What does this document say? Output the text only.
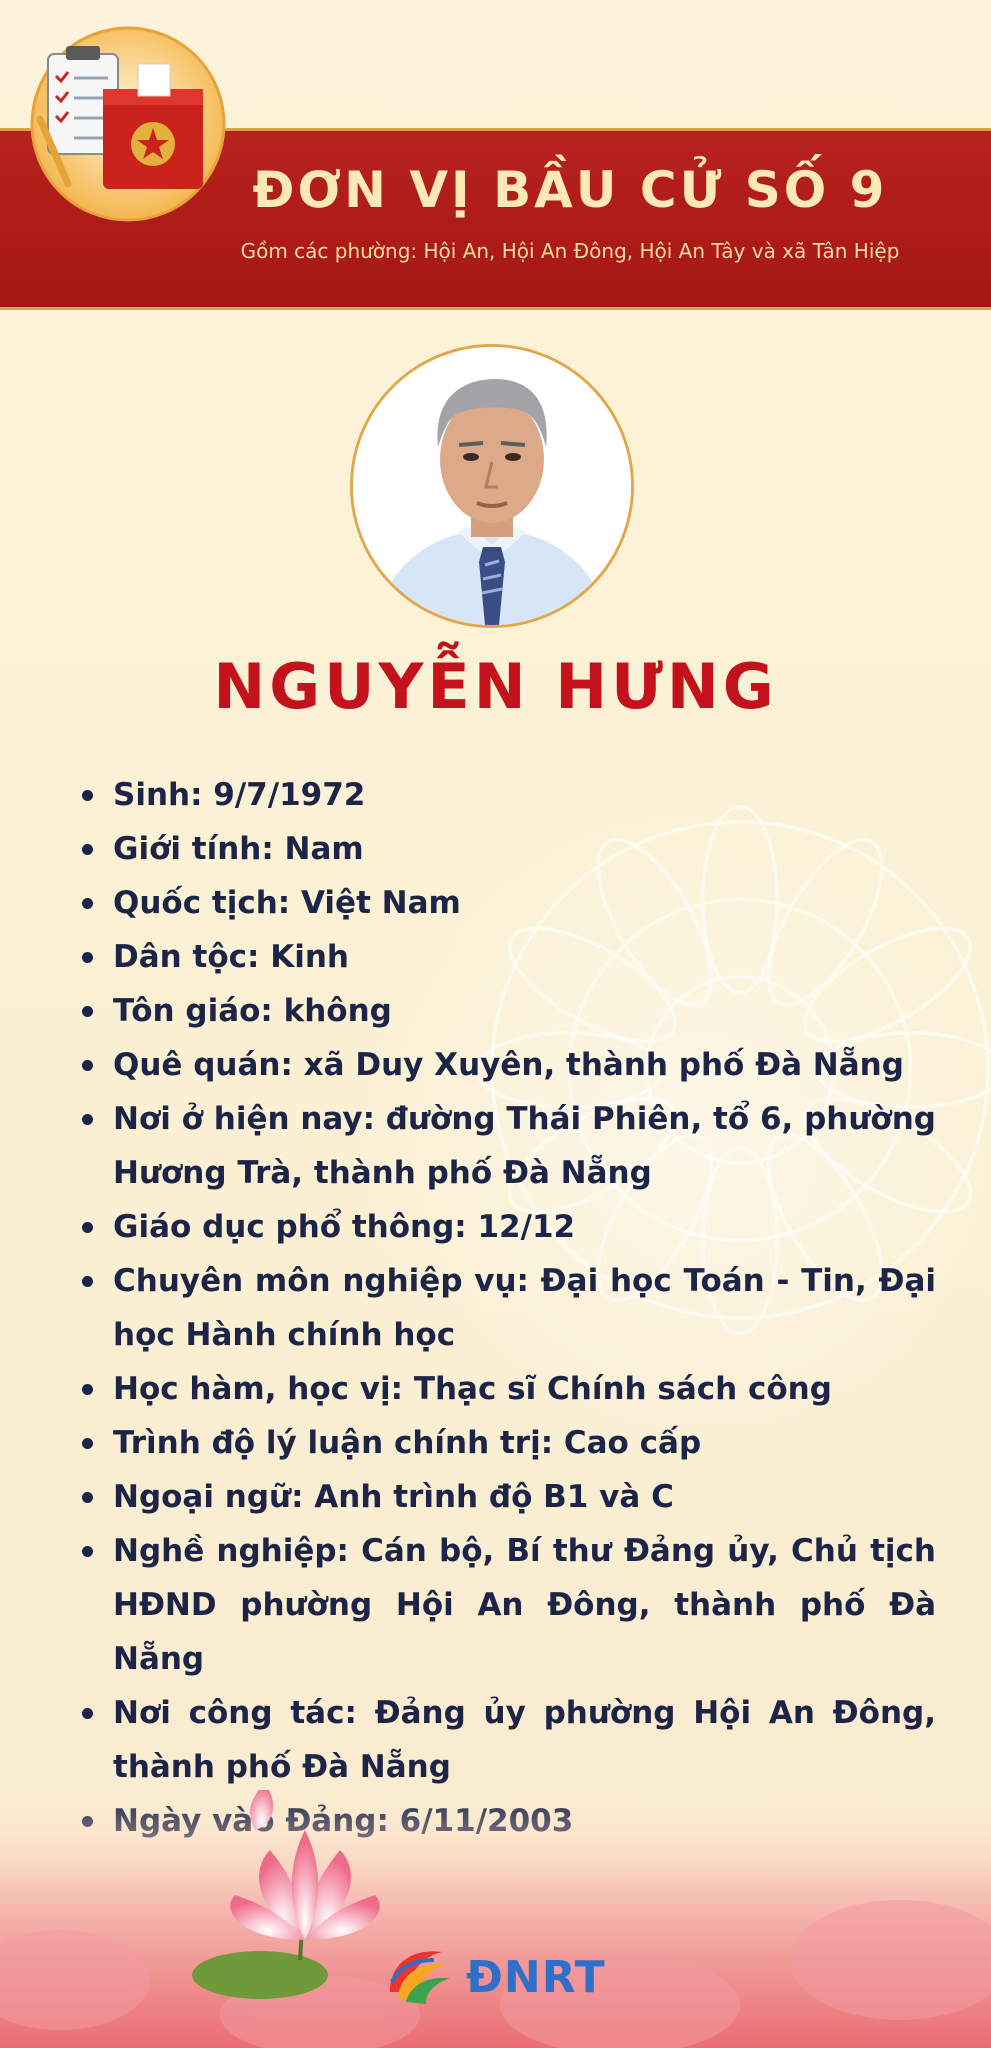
ĐƠN VỊ BẦU CỬ SỐ 9
Gồm các phường: Hội An, Hội An Đông, Hội An Tây và xã Tân Hiệp
NGUYỄN HƯNG
Sinh: 9/7/1972
Giới tính: Nam
Quốc tịch: Việt Nam
Dân tộc: Kinh
Tôn giáo: không
Quê quán: xã Duy Xuyên, thành phố Đà Nẵng
Nơi ở hiện nay: đường Thái Phiên, tổ 6, phường Hương Trà, thành phố Đà Nẵng
Giáo dục phổ thông: 12/12
Chuyên môn nghiệp vụ: Đại học Toán - Tin, Đại học Hành chính học
Học hàm, học vị: Thạc sĩ Chính sách công
Trình độ lý luận chính trị: Cao cấp
Ngoại ngữ: Anh trình độ B1 và C
Nghề nghiệp: Cán bộ, Bí thư Đảng ủy, Chủ tịch HĐND phường Hội An Đông, thành phố Đà Nẵng
Nơi công tác: Đảng ủy phường Hội An Đông, thành phố Đà Nẵng
ĐNRT
